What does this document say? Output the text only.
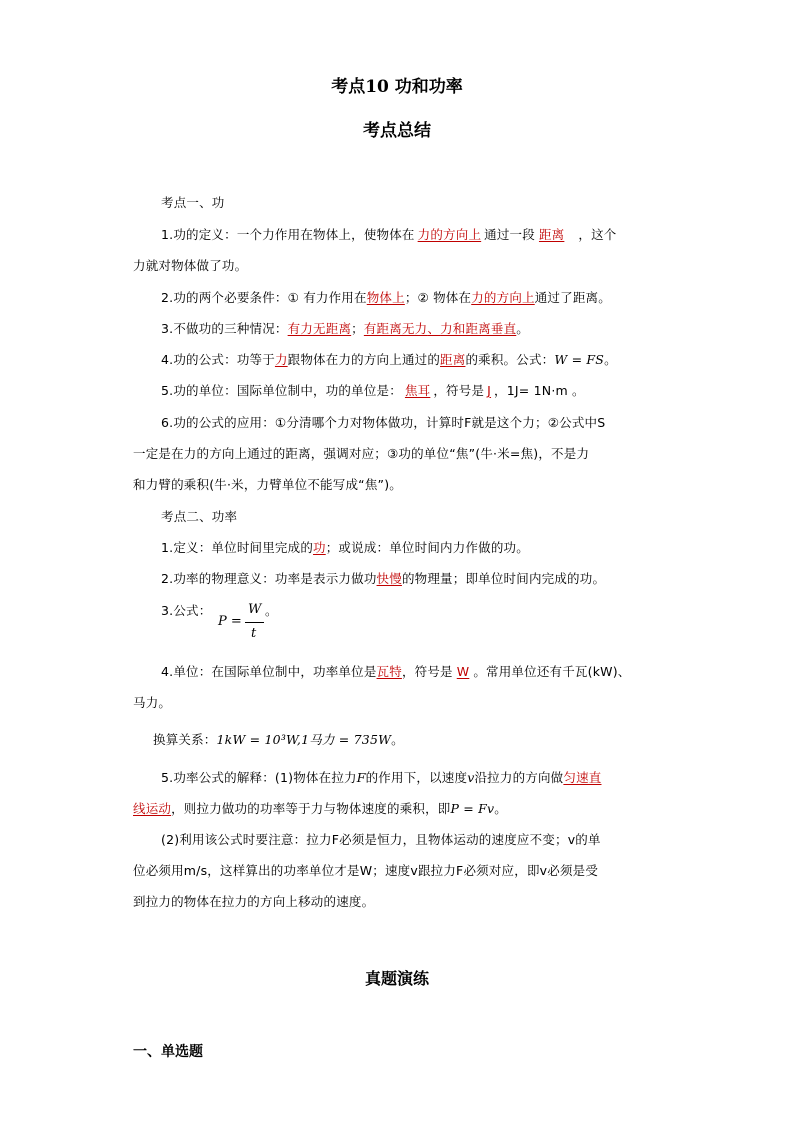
考点10 功和功率
考点总结
考点一、功
1.功的定义：一个力作用在物体上，使物体在 力的方向上 通过一段 距离 ，这个
力就对物体做了功。
2.功的两个必要条件：① 有力作用在物体上；② 物体在力的方向上通过了距离。
3.不做功的三种情况：有力无距离；有距离无力、力和距离垂直。
4.功的公式：功等于力跟物体在力的方向上通过的距离的乘积。公式：W = FS。
5.功的单位：国际单位制中，功的单位是： 焦耳 ，符号是 J ，1J= 1N·m 。
6.功的公式的应用：①分清哪个力对物体做功，计算时F就是这个力；②公式中S
一定是在力的方向上通过的距离，强调对应；③功的单位“焦”(牛·米=焦)，不是力
和力臂的乘积(牛·米，力臂单位不能写成“焦”)。
考点二、功率
1.定义：单位时间里完成的功；或说成：单位时间内力作做的功。
2.功率的物理意义：功率是表示力做功快慢的物理量；即单位时间内完成的功。
3.公式：
P =
W
t
。
4.单位：在国际单位制中，功率单位是瓦特，符号是 W 。常用单位还有千瓦(kW)、
马力。
换算关系：1kW = 10³W,1马力 = 735W。
5.功率公式的解释：(1)物体在拉力F的作用下，以速度v沿拉力的方向做匀速直
线运动，则拉力做功的功率等于力与物体速度的乘积，即P = Fv。
(2)利用该公式时要注意：拉力F必须是恒力，且物体运动的速度应不变；v的单
位必须用m/s，这样算出的功率单位才是W；速度v跟拉力F必须对应，即v必须是受
到拉力的物体在拉力的方向上移动的速度。
真题演练
一、单选题
